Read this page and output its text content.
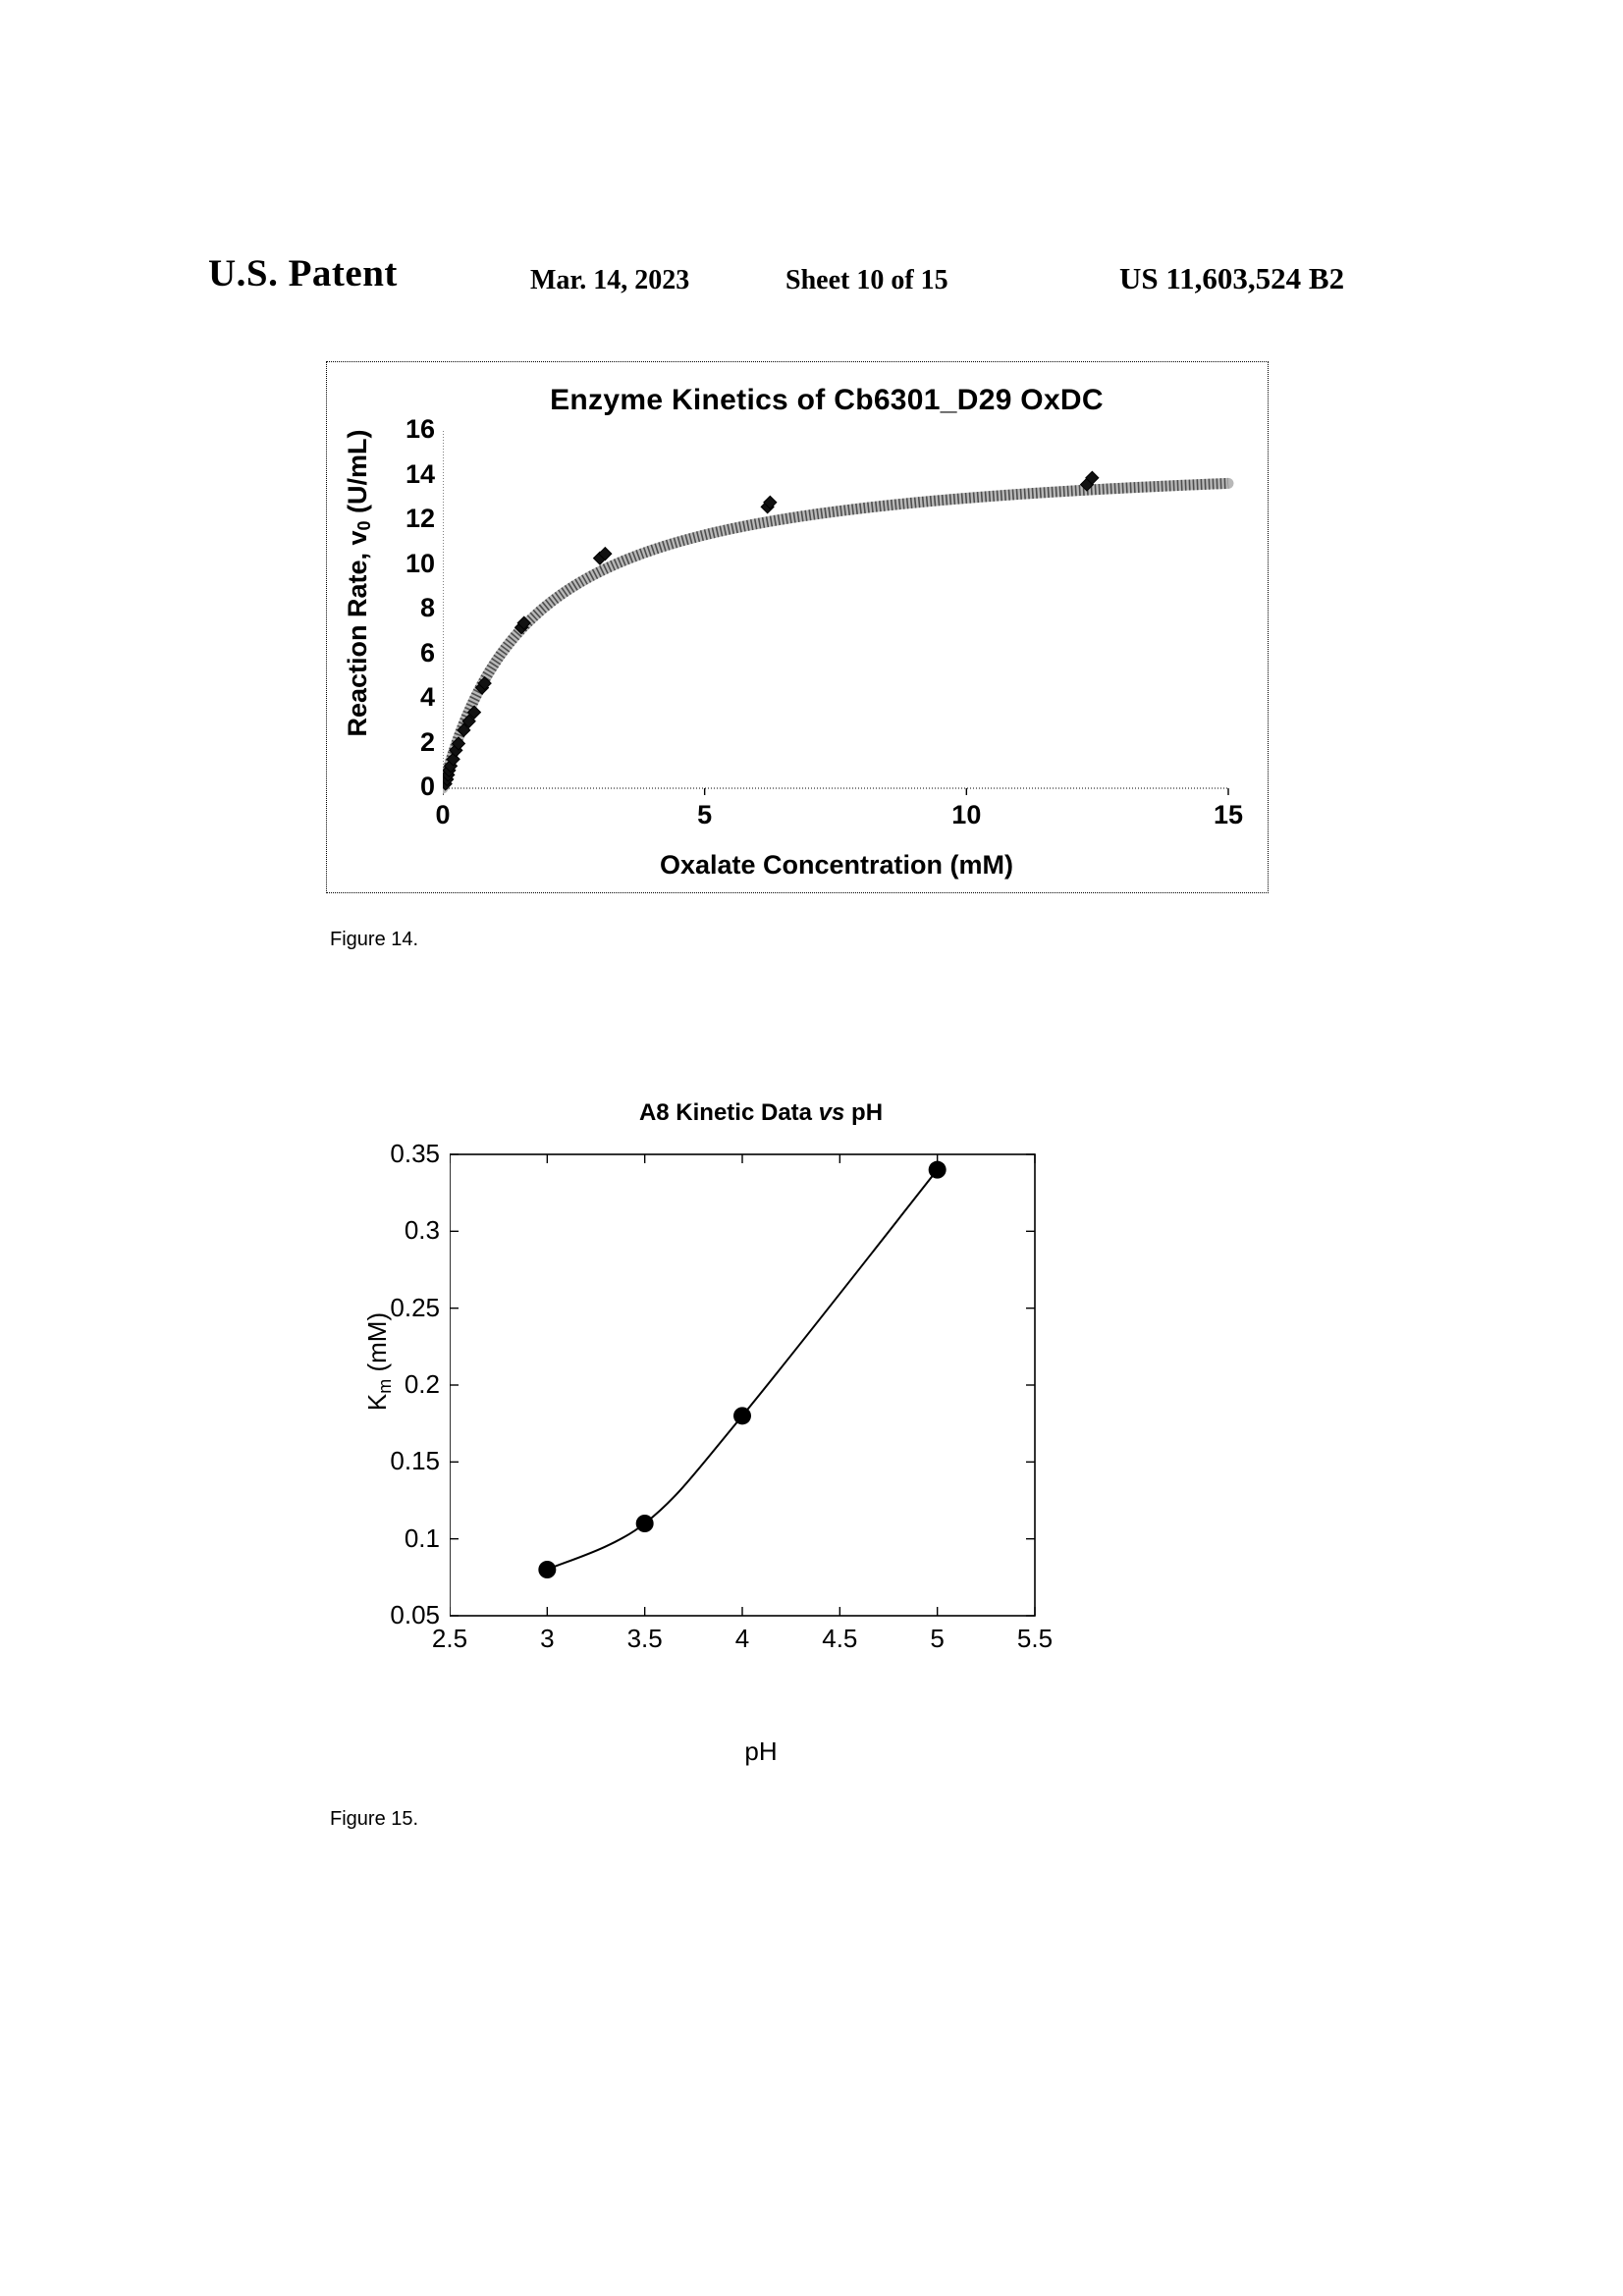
U.S. Patent	Mar. 14, 2023	Sheet 10 of 15	US 11,603,524 B2
Enzyme Kinetics of Cb6301_D29 OxDC
Reaction Rate, $v_0$ (U/mL)
Oxalate Concentration (mM)
0
2
4
6
8
10
12
14
16
0	5	10	15
Figure 14.
A8 Kinetic Data vs pH
$K_m$ (mM)
pH
0.35
0.3
0.25
0.2
0.15
0.1
0.05
2.5	3	3.5	4	4.5	5	5.5
Figure 15.
